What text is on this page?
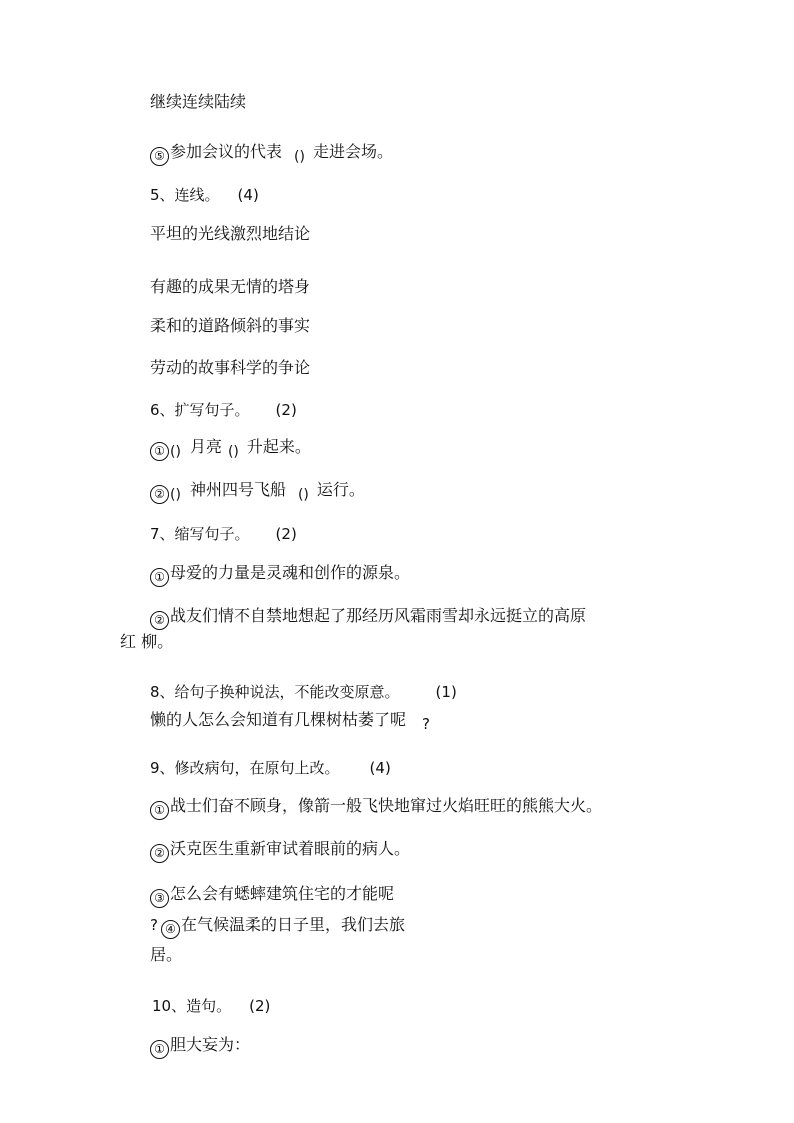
继续连续陆续
⑤ 参加会议的代表 () 走进会场。
5、连线。 (4)
平坦的光线激烈地结论
有趣的成果无情的塔身
柔和的道路倾斜的事实
劳动的故事科学的争论
6、扩写句子。 (2)
① () 月亮 () 升起来。
② () 神州四号飞船 () 运行。
7、缩写句子。 (2)
① 母爱的力量是灵魂和创作的源泉。
② 战友们情不自禁地想起了那经历风霜雨雪却永远挺立的高原
红 柳。
8、给句子换种说法，不能改变原意。 (1)
懒的人怎么会知道有几棵树枯萎了呢 ?
9、修改病句，在原句上改。 (4)
① 战士们奋不顾身，像箭一般飞快地窜过火焰旺旺的熊熊大火。
② 沃克医生重新审试着眼前的病人。
③ 怎么会有蟋蟀建筑住宅的才能呢
? ④ 在气候温柔的日子里，我们去旅
居。
10、造句。 (2)
① 胆大妄为：
